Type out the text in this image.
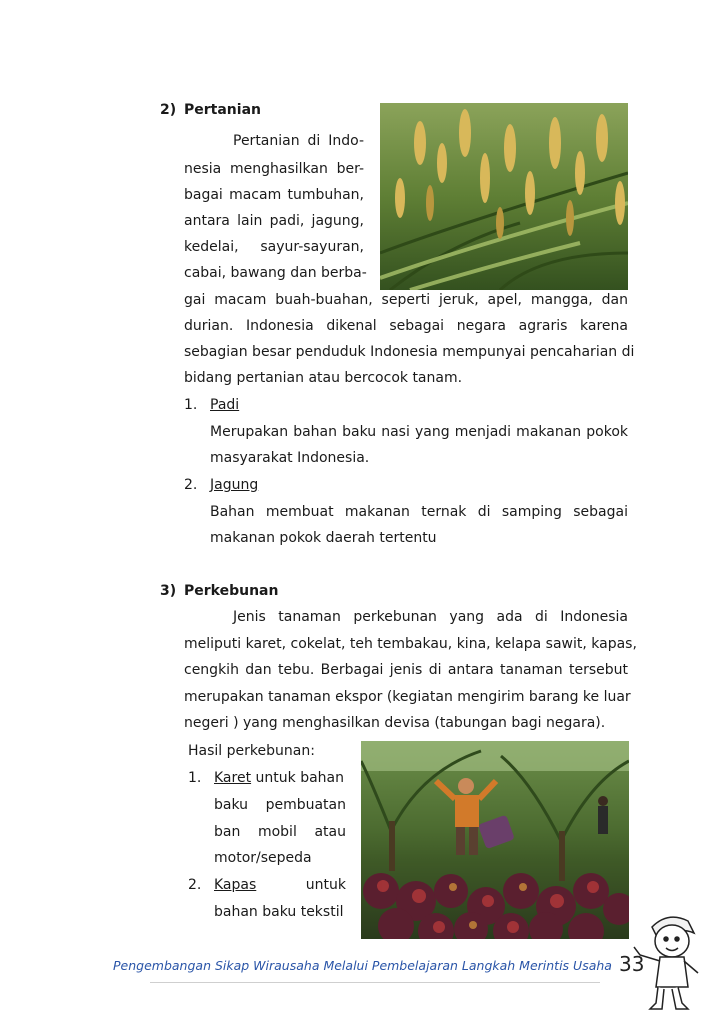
2) Pertanian
Pertanian di Indo-
nesia menghasilkan ber-
bagai macam tumbuhan,
antara lain padi, jagung,
kedelai, sayur-sayuran,
cabai, bawang dan berba-
gai macam buah-buahan, seperti jeruk, apel, mangga, dan
durian. Indonesia dikenal sebagai negara agraris karena
sebagian besar penduduk Indonesia mempunyai pencaharian di
bidang pertanian atau bercocok tanam.
1. Padi
Merupakan bahan baku nasi yang menjadi makanan pokok
masyarakat Indonesia.
2. Jagung
Bahan membuat makanan ternak di samping sebagai
makanan pokok daerah tertentu
3) Perkebunan
Jenis tanaman perkebunan yang ada di Indonesia
meliputi karet, cokelat, teh tembakau, kina, kelapa sawit, kapas,
cengkih dan tebu. Berbagai jenis di antara tanaman tersebut
merupakan tanaman ekspor (kegiatan mengirim barang ke luar
negeri ) yang menghasilkan devisa (tabungan bagi negara).
Hasil perkebunan:
1. Karet untuk bahan
baku pembuatan
ban mobil atau
motor/sepeda
2. Kapas	untuk
bahan baku tekstil
Pengembangan Sikap Wirausaha Melalui Pembelajaran Langkah Merintis Usaha 33
